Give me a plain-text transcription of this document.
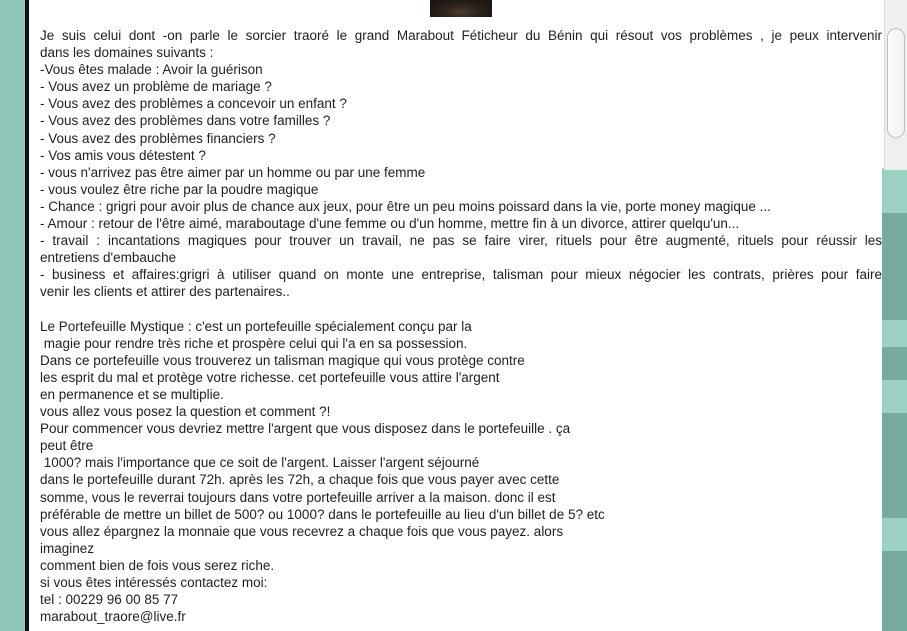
Je suis celui dont -on parle le sorcier traoré le grand Marabout Féticheur du Bénin qui résout vos problèmes , je peux intervenir
dans les domaines suivants :
-Vous êtes malade : Avoir la guérison
- Vous avez un problème de mariage ?
- Vous avez des problèmes a concevoir un enfant ?
- Vous avez des problèmes dans votre familles ?
- Vous avez des problèmes financiers ?
- Vos amis vous détestent ?
- vous n'arrivez pas être aimer par un homme ou par une femme
- vous voulez être riche par la poudre magique
- Chance : grigri pour avoir plus de chance aux jeux, pour être un peu moins poissard dans la vie, porte money magique ...
- Amour : retour de l'être aimé, maraboutage d'une femme ou d'un homme, mettre fin à un divorce, attirer quelqu'un...
- travail : incantations magiques pour trouver un travail, ne pas se faire virer, rituels pour être augmenté, rituels pour réussir les
entretiens d'embauche
- business et affaires:grigri à utiliser quand on monte une entreprise, talisman pour mieux négocier les contrats, prières pour faire
venir les clients et attirer des partenaires..
Le Portefeuille Mystique : c'est un portefeuille spécialement conçu par la
magie pour rendre très riche et prospère celui qui l'a en sa possession.
Dans ce portefeuille vous trouverez un talisman magique qui vous protège contre
les esprit du mal et protège votre richesse. cet portefeuille vous attire l'argent
en permanence et se multiplie.
vous allez vous posez la question et comment ?!
Pour commencer vous devriez mettre l'argent que vous disposez dans le portefeuille . ça
peut être
1000? mais l'importance que ce soit de l'argent. Laisser l'argent séjourné
dans le portefeuille durant 72h. après les 72h, a chaque fois que vous payer avec cette
somme, vous le reverrai toujours dans votre portefeuille arriver a la maison. donc il est
préférable de mettre un billet de 500? ou 1000? dans le portefeuille au lieu d'un billet de 5? etc
vous allez épargnez la monnaie que vous recevrez a chaque fois que vous payez. alors
imaginez
comment bien de fois vous serez riche.
si vous êtes intéressés contactez moi:
tel : 00229 96 00 85 77
marabout_traore@live.fr
